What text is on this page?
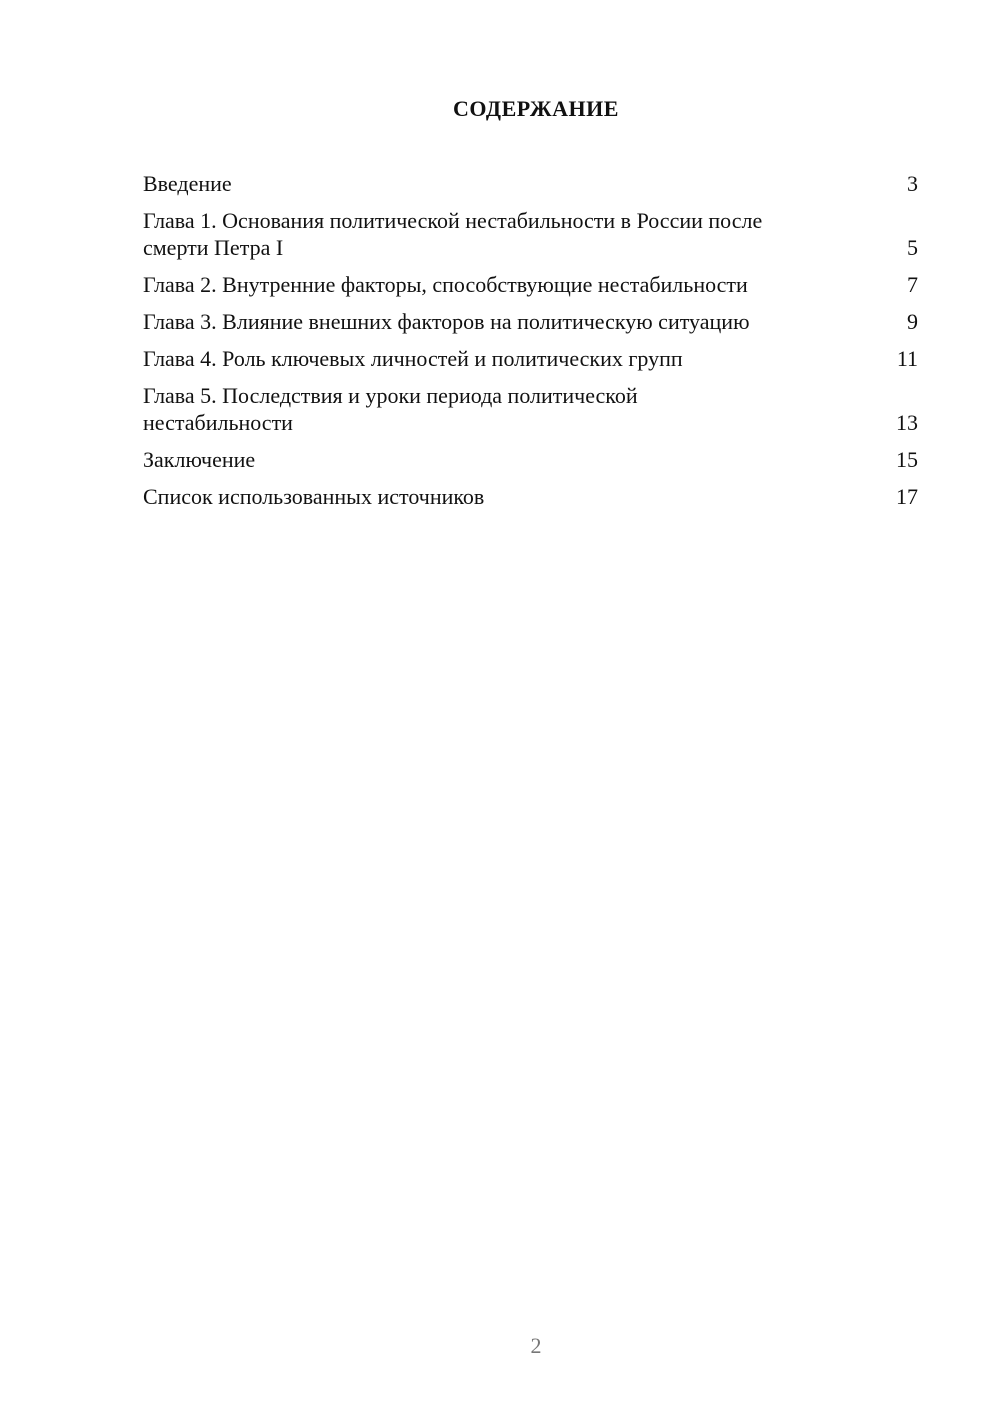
СОДЕРЖАНИЕ
Введение	3
Глава 1. Основания политической нестабильности в России после смерти Петра I	5
Глава 2. Внутренние факторы, способствующие нестабильности	7
Глава 3. Влияние внешних факторов на политическую ситуацию	9
Глава 4. Роль ключевых личностей и политических групп	11
Глава 5. Последствия и уроки периода политической нестабильности	13
Заключение	15
Список использованных источников	17
2
